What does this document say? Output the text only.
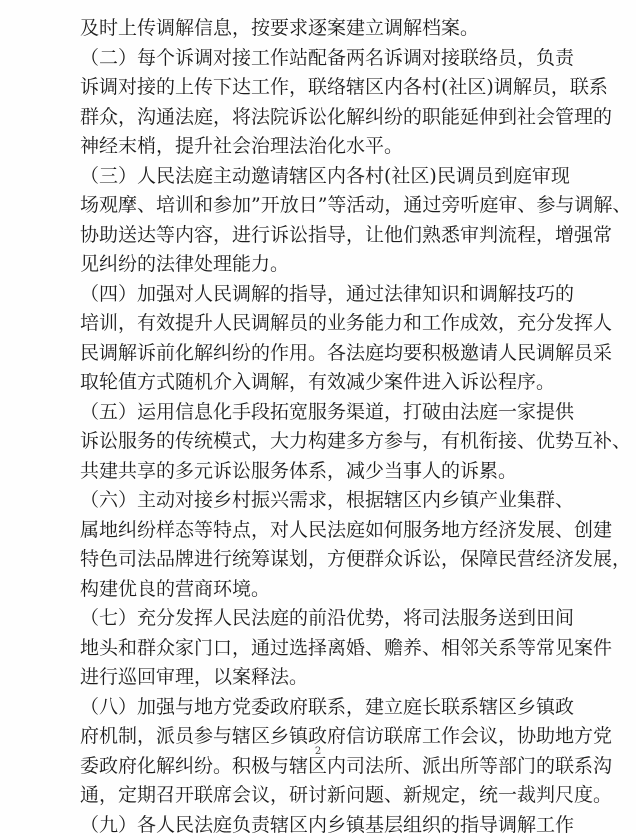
及时上传调解信息，按要求逐案建立调解档案。
（二）每个诉调对接工作站配备两名诉调对接联络员，负责
诉调对接的上传下达工作，联络辖区内各村(社区)调解员，联系
群众，沟通法庭，将法院诉讼化解纠纷的职能延伸到社会管理的
神经末梢，提升社会治理法治化水平。
（三）人民法庭主动邀请辖区内各村(社区)民调员到庭审现
场观摩、培训和参加”开放日”等活动，通过旁听庭审、参与调解、
协助送达等内容，进行诉讼指导，让他们熟悉审判流程，增强常
见纠纷的法律处理能力。
（四）加强对人民调解的指导，通过法律知识和调解技巧的
培训，有效提升人民调解员的业务能力和工作成效，充分发挥人
民调解诉前化解纠纷的作用。各法庭均要积极邀请人民调解员采
取轮值方式随机介入调解，有效减少案件进入诉讼程序。
（五）运用信息化手段拓宽服务渠道，打破由法庭一家提供
诉讼服务的传统模式，大力构建多方参与，有机衔接、优势互补、
共建共享的多元诉讼服务体系，减少当事人的诉累。
（六）主动对接乡村振兴需求，根据辖区内乡镇产业集群、
属地纠纷样态等特点，对人民法庭如何服务地方经济发展、创建
特色司法品牌进行统筹谋划，方便群众诉讼，保障民营经济发展，
构建优良的营商环境。
（七）充分发挥人民法庭的前沿优势，将司法服务送到田间
地头和群众家门口，通过选择离婚、赡养、相邻关系等常见案件
进行巡回审理，以案释法。
（八）加强与地方党委政府联系，建立庭长联系辖区乡镇政
府机制，派员参与辖区乡镇政府信访联席工作会议，协助地方党
委政府化解纠纷。积极与辖区内司法所、派出所等部门的联系沟
通，定期召开联席会议，研讨新问题、新规定，统一裁判尺度。
（九）各人民法庭负责辖区内乡镇基层组织的指导调解工作
2
